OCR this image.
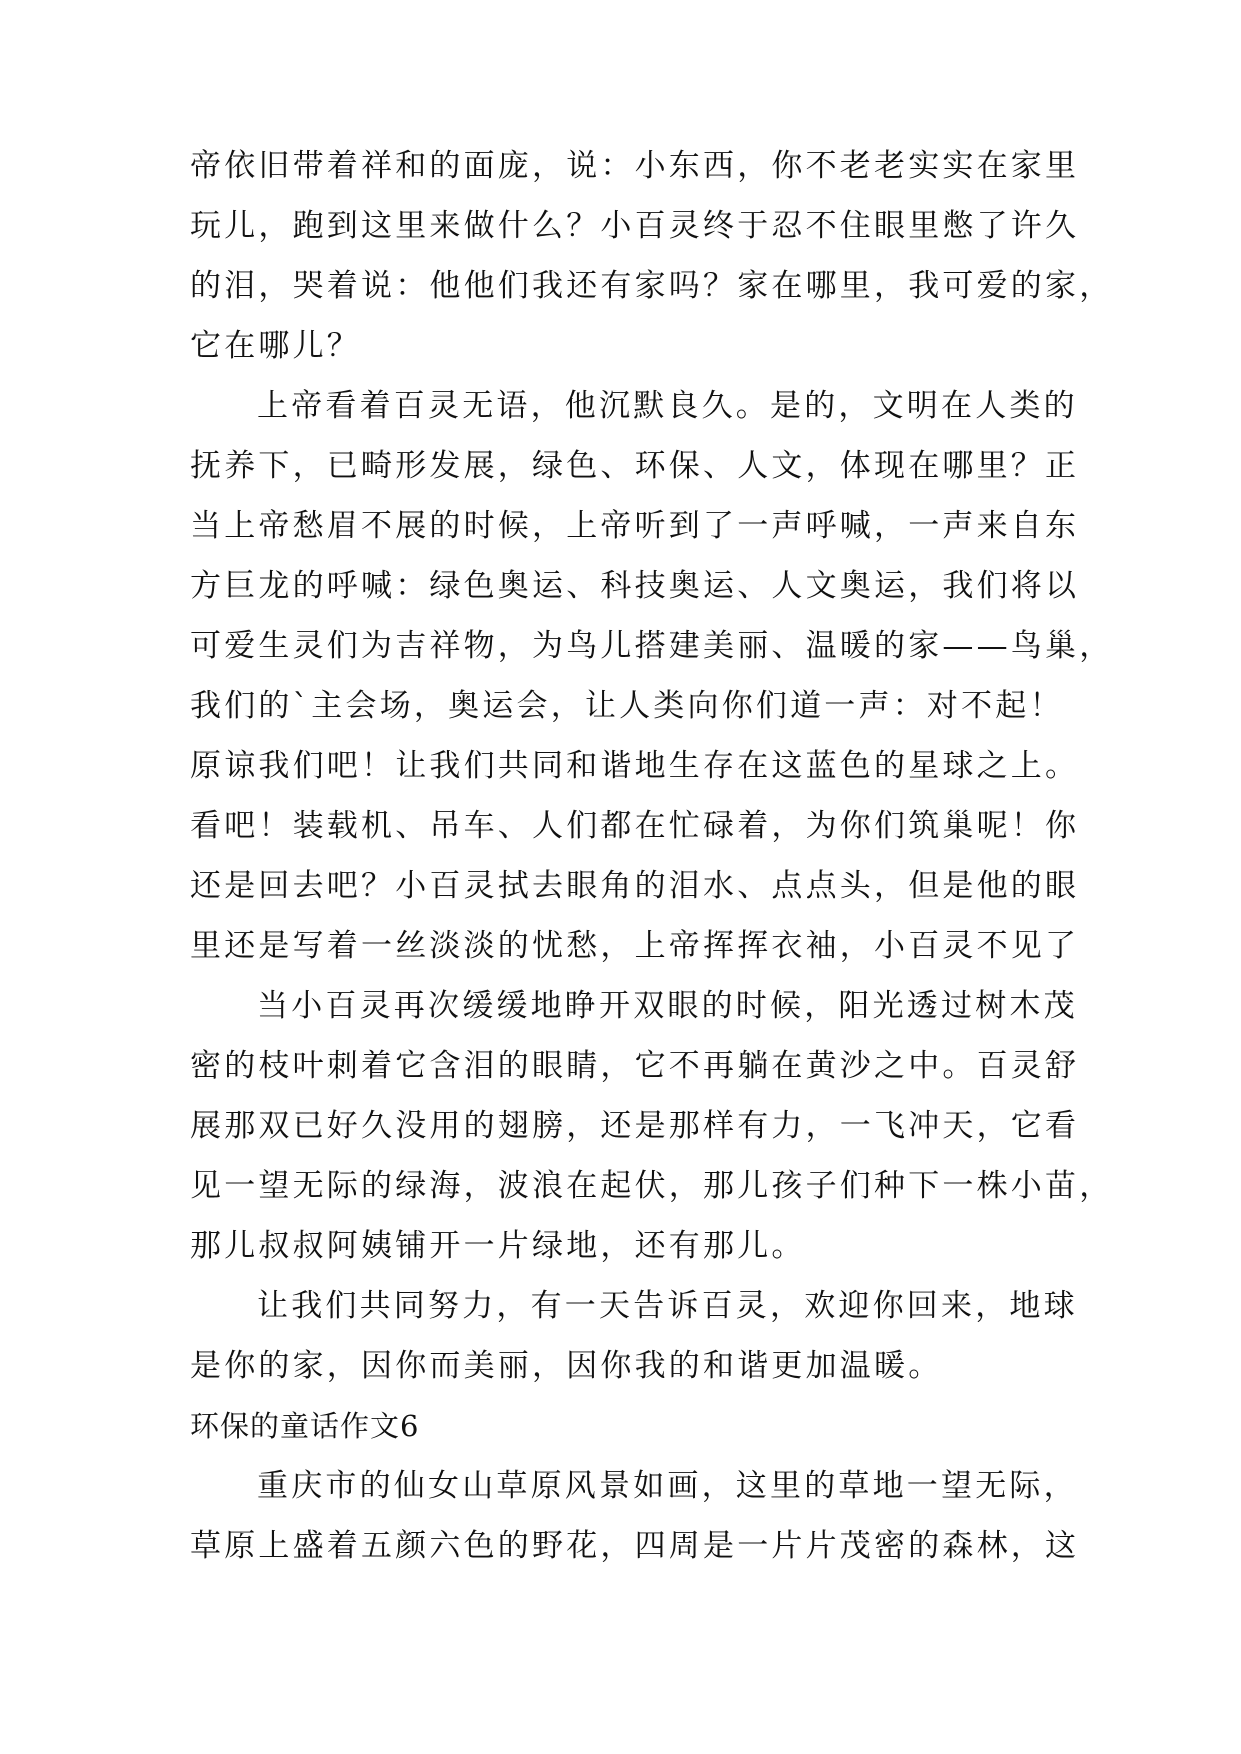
帝依旧带着祥和的面庞，说：小东西，你不老老实实在家里
玩儿，跑到这里来做什么？小百灵终于忍不住眼里憋了许久
的泪，哭着说：他他们我还有家吗？家在哪里，我可爱的家，
它在哪儿？
上帝看着百灵无语，他沉默良久。是的，文明在人类的
抚养下，已畸形发展，绿色、环保、人文，体现在哪里？正
当上帝愁眉不展的时候，上帝听到了一声呼喊，一声来自东
方巨龙的呼喊：绿色奥运、科技奥运、人文奥运，我们将以
可爱生灵们为吉祥物，为鸟儿搭建美丽、温暖的家——鸟巢，
我们的`主会场，奥运会，让人类向你们道一声：对不起！
原谅我们吧！让我们共同和谐地生存在这蓝色的星球之上。
看吧！装载机、吊车、人们都在忙碌着，为你们筑巢呢！你
还是回去吧？小百灵拭去眼角的泪水、点点头，但是他的眼
里还是写着一丝淡淡的忧愁，上帝挥挥衣袖，小百灵不见了
当小百灵再次缓缓地睁开双眼的时候，阳光透过树木茂
密的枝叶刺着它含泪的眼睛，它不再躺在黄沙之中。百灵舒
展那双已好久没用的翅膀，还是那样有力，一飞冲天，它看
见一望无际的绿海，波浪在起伏，那儿孩子们种下一株小苗，
那儿叔叔阿姨铺开一片绿地，还有那儿。
让我们共同努力，有一天告诉百灵，欢迎你回来，地球
是你的家，因你而美丽，因你我的和谐更加温暖。
环保的童话作文6
重庆市的仙女山草原风景如画，这里的草地一望无际，
草原上盛着五颜六色的野花，四周是一片片茂密的森林，这
